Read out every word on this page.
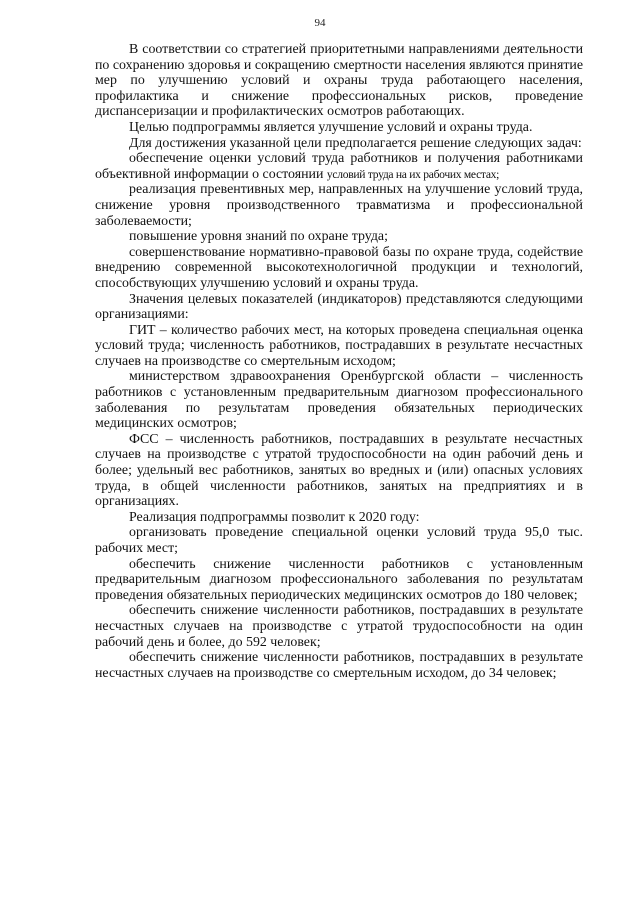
94

В соответствии со стратегией приоритетными направлениями деятельности по сохранению здоровья и сокращению смертности населения являются принятие мер по улучшению условий и охраны труда работающего населения, профилактика и снижение профессиональных рисков, проведение диспансеризации и профилактических осмотров работающих.

Целью подпрограммы является улучшение условий и охраны труда.

Для достижения указанной цели предполагается решение следующих задач:

обеспечение оценки условий труда работников и получения работниками объективной информации о состоянии условий труда на их рабочих местах;

реализация превентивных мер, направленных на улучшение условий труда, снижение уровня производственного травматизма и профессиональной заболеваемости;

повышение уровня знаний по охране труда;

совершенствование нормативно-правовой базы по охране труда, содействие внедрению современной высокотехнологичной продукции и технологий, способствующих улучшению условий и охраны труда.

Значения целевых показателей (индикаторов) представляются следующими организациями:

ГИТ – количество рабочих мест, на которых проведена специальная оценка условий труда; численность работников, пострадавших в результате несчастных случаев на производстве со смертельным исходом;

министерством здравоохранения Оренбургской области – численность работников с установленным предварительным диагнозом профессионального заболевания по результатам проведения обязательных периодических медицинских осмотров;

ФСС – численность работников, пострадавших в результате несчастных случаев на производстве с утратой трудоспособности на один рабочий день и более; удельный вес работников, занятых во вредных и (или) опасных условиях труда, в общей численности работников, занятых на предприятиях и в организациях.

Реализация подпрограммы позволит к 2020 году:

организовать проведение специальной оценки условий труда 95,0 тыс. рабочих мест;

обеспечить снижение численности работников с установленным предварительным диагнозом профессионального заболевания по результатам проведения обязательных периодических медицинских осмотров до 180 человек;

обеспечить снижение численности работников, пострадавших в результате несчастных случаев на производстве с утратой трудоспособности на один рабочий день и более, до 592 человек;

обеспечить снижение численности работников, пострадавших в результате несчастных случаев на производстве со смертельным исходом, до 34 человек;
